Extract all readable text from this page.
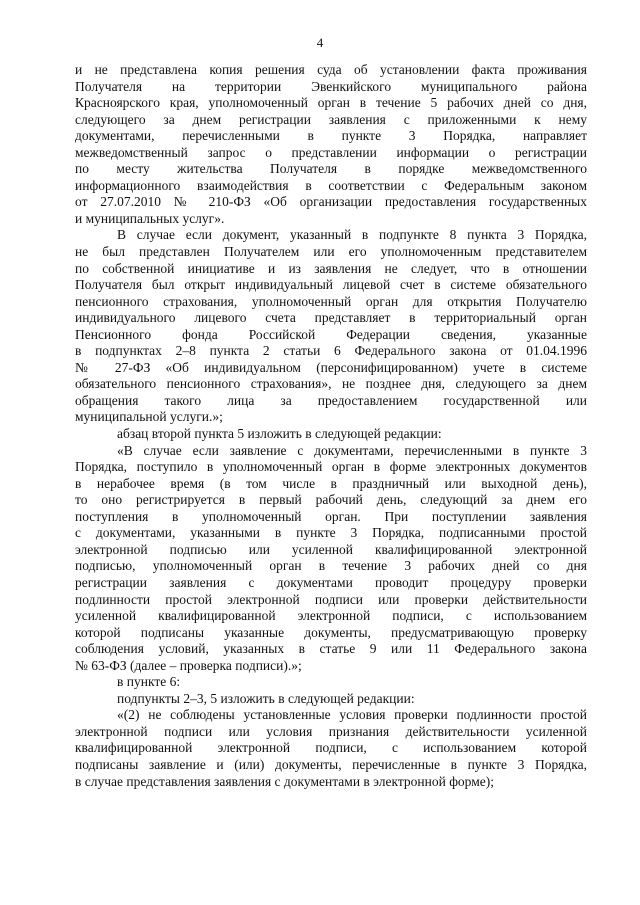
4
и не представлена копия решения суда об установлении факта проживания
Получателя на территории Эвенкийского муниципального района
Красноярского края, уполномоченный орган в течение 5 рабочих дней со дня,
следующего за днем регистрации заявления с приложенными к нему
документами, перечисленными в пункте 3 Порядка, направляет
межведомственный запрос о представлении информации о регистрации
по месту жительства Получателя в порядке межведомственного
информационного взаимодействия в соответствии с Федеральным законом
от 27.07.2010 № 210-ФЗ «Об организации предоставления государственных
и муниципальных услуг».
В случае если документ, указанный в подпункте 8 пункта 3 Порядка,
не был представлен Получателем или его уполномоченным представителем
по собственной инициативе и из заявления не следует, что в отношении
Получателя был открыт индивидуальный лицевой счет в системе обязательного
пенсионного страхования, уполномоченный орган для открытия Получателю
индивидуального лицевого счета представляет в территориальный орган
Пенсионного фонда Российской Федерации сведения, указанные
в подпунктах 2–8 пункта 2 статьи 6 Федерального закона от 01.04.1996
№ 27-ФЗ «Об индивидуальном (персонифицированном) учете в системе
обязательного пенсионного страхования», не позднее дня, следующего за днем
обращения такого лица за предоставлением государственной или
муниципальной услуги.»;
абзац второй пункта 5 изложить в следующей редакции:
«В случае если заявление с документами, перечисленными в пункте 3
Порядка, поступило в уполномоченный орган в форме электронных документов
в нерабочее время (в том числе в праздничный или выходной день),
то оно регистрируется в первый рабочий день, следующий за днем его
поступления в уполномоченный орган. При поступлении заявления
с документами, указанными в пункте 3 Порядка, подписанными простой
электронной подписью или усиленной квалифицированной электронной
подписью, уполномоченный орган в течение 3 рабочих дней со дня
регистрации заявления с документами проводит процедуру проверки
подлинности простой электронной подписи или проверки действительности
усиленной квалифицированной электронной подписи, с использованием
которой подписаны указанные документы, предусматривающую проверку
соблюдения условий, указанных в статье 9 или 11 Федерального закона
№ 63-ФЗ (далее – проверка подписи).»;
в пункте 6:
подпункты 2–3, 5 изложить в следующей редакции:
«(2) не соблюдены установленные условия проверки подлинности простой
электронной подписи или условия признания действительности усиленной
квалифицированной электронной подписи, с использованием которой
подписаны заявление и (или) документы, перечисленные в пункте 3 Порядка,
в случае представления заявления с документами в электронной форме);
